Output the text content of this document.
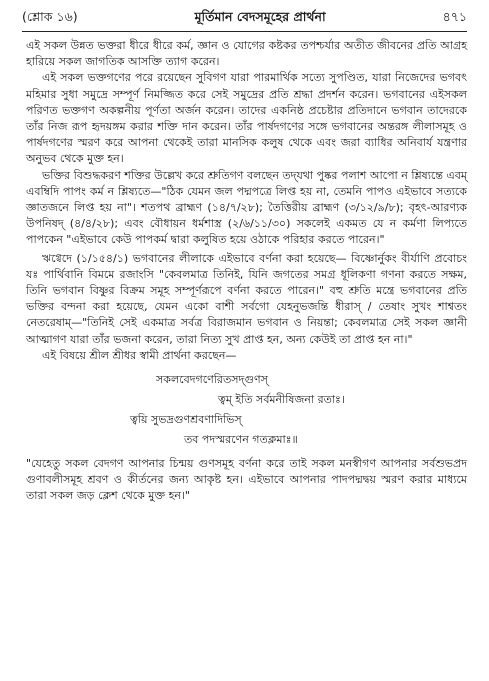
(শ্লোক ১৬)	মূর্তিমান বেদসমূহের প্রার্থনা	৪৭১

এই সকল উন্নত ভক্তরা ধীরে ধীরে কর্ম, জ্ঞান ও যোগের কষ্টকর তপশ্চর্যার অতীত জীবনের প্রতি আগ্রহ হারিয়ে সকল জাগতিক আসক্তি ত্যাগ করেন।

এই সকল ভক্তগণের পরে রয়েছেন সুবিগণ যারা পারমার্থিক সত্যে সুপণ্ডিত, যারা নিজেদের ভগবৎ মহিমার সুধা সমুদ্রে সম্পূর্ণ নিমজ্জিত করে সেই সমুদ্রের প্রতি শ্রদ্ধা প্রদর্শন করেন। ভগবানের এইসকল পরিণত ভক্তগণ অকল্পনীয় পূর্ণতা অর্জন করেন। তাদের একনিষ্ঠ প্রচেষ্টার প্রতিদানে ভগবান তাদেরকে তাঁর নিজ রূপ হৃদয়ঙ্গম করার শক্তি দান করেন। তাঁর পার্ষদগণের সঙ্গে ভগবানের অন্তরঙ্গ লীলাসমূহ ও পার্ষদগণের স্মরণ করে আপনা থেকেই তারা মানসিক কলুষ থেকে এবং জরা ব্যাধির অনিবার্য যন্ত্রণার অনুভব থেকে মুক্ত হন।

ভক্তির বিশুদ্ধকরণ শক্তির উল্লেখ করে শ্রুতিগণ বলছেন তদ্‌যথা পুষ্কর পলাশ আপো ন শ্লিষ্যন্তে এবম্ এবম্বিদি পাপং কর্ম ন শ্লিষ্যতে—"ঠিক যেমন জল পদ্মপত্রে লিপ্ত হয় না, তেমনি পাপও এইভাবে সত্যকে জ্ঞাতজনে লিপ্ত হয় না"। শতপথ ব্রাহ্মণ (১৪/৭/২৮); তৈত্তিরীয় ব্রাহ্মণ (৩/১২/৯/৮); বৃহৎ-আরণ্যক উপনিষদ্ (৪/৪/২৮); এবং বৌধায়ন ধর্মশাস্ত্র (২/৬/১১/৩০) সকলেই একমত যে ন কর্মণা লিপ্যতে পাপকেন "এইভাবে কেউ পাপকর্ম দ্বারা কলুষিত হয়ে ওঠাকে পরিহার করতে পারেন।"

ঋগ্বেদে (১/১৫৪/১) ভগবানের লীলাকে এইভাবে বর্ণনা করা হয়েছে— বিষ্ণোর্নুকং বীর্যাণি প্রবোচং যঃ পার্থিবানি বিমমে রজাংসি "কেবলমাত্র তিনিই, যিনি জগতের সমগ্র ধূলিকণা গণনা করতে সক্ষম, তিনি ভগবান বিষ্ণুর বিক্রম সমূহ সম্পূর্ণরূপে বর্ণনা করতে পারেন।" বহু শ্রুতি মন্ত্রে ভগবানের প্রতি ভক্তির বন্দনা করা হয়েছে, যেমন একো বাশী সর্বগো যেহনুভজন্তি ধীরাস্ / তেষাং সুখং শাশ্বতং নেতরেষাম্—"তিনিই সেই একমাত্র সর্বত্র বিরাজমান ভগবান ও নিয়ন্তা; কেবলমাত্র সেই সকল জ্ঞানী আত্মাগণ যারা তাঁর ভজনা করেন, তারা নিত্য সুখ প্রাপ্ত হন, অন্য কেউই তা প্রাপ্ত হন না।"

এই বিষয়ে শ্রীল শ্রীধর স্বামী প্রার্থনা করছেন—

সকলবেদগণেরিতসদ্‌গুণস্
ত্বম্ ইতি সর্বমনীষিজনা রতাঃ।
ত্বয়ি সুভদ্রগুণশ্রবণাদিভিস্
তব পদস্মরণেন গতক্লমাঃ॥

"যেহেতু সকল বেদগণ আপনার চিন্ময় গুণসমূহ বর্ণনা করে তাই সকল মনস্বীগণ আপনার সর্বশুভপ্রদ গুণাবলীসমূহ শ্রবণ ও কীর্তনের জন্য আকৃষ্ট হন। এইভাবে আপনার পাদপদ্মদ্বয় স্মরণ করার মাধ্যমে তারা সকল জড় ক্লেশ থেকে মুক্ত হন।"
